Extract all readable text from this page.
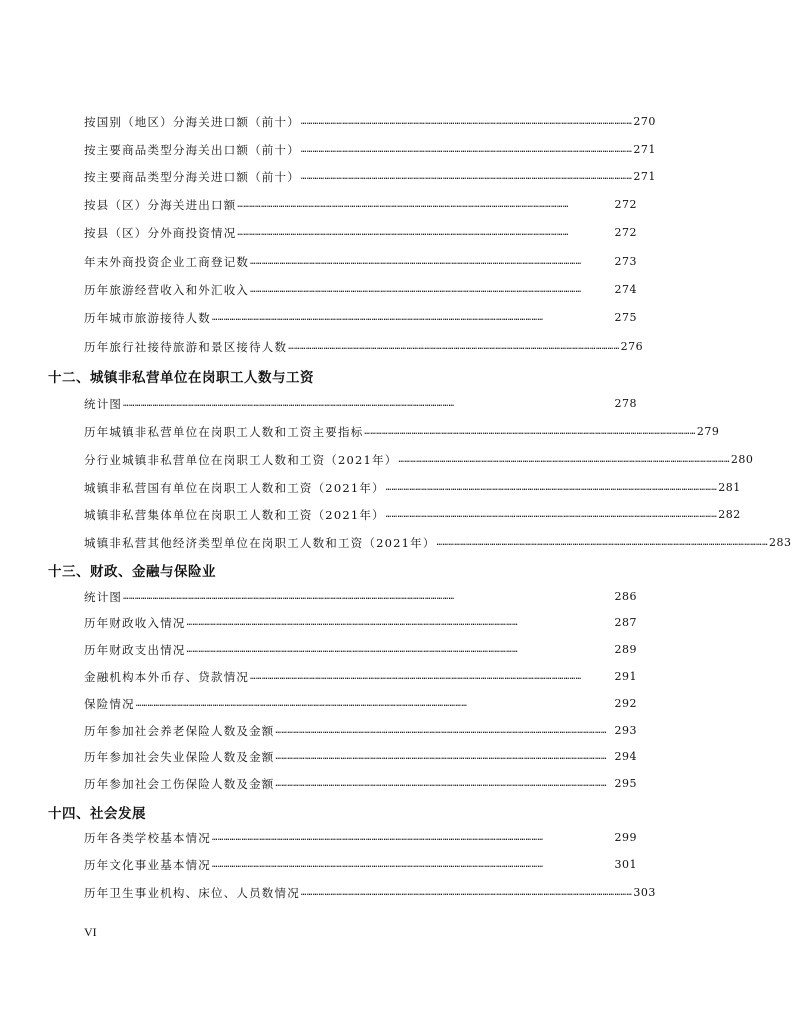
按国别（地区）分海关进口额（前十） …………………………………………………………………………………………………………………………………………………… 270
按主要商品类型分海关出口额（前十） …………………………………………………………………………………………………………………………………………………… 271
按主要商品类型分海关进口额（前十） …………………………………………………………………………………………………………………………………………………… 271
按县（区）分海关进出口额 ……………………………………………………………………………………………………………………………………………………	272
按县（区）分外商投资情况 ……………………………………………………………………………………………………………………………………………………	272
年末外商投资企业工商登记数 ……………………………………………………………………………………………………………………………………………………	273
历年旅游经营收入和外汇收入 ……………………………………………………………………………………………………………………………………………………	274
历年城市旅游接待人数 ……………………………………………………………………………………………………………………………………………………	275
历年旅行社接待旅游和景区接待人数 …………………………………………………………………………………………………………………………………………………… 276
十二、城镇非私营单位在岗职工人数与工资
统计图 ……………………………………………………………………………………………………………………………………………………	278
历年城镇非私营单位在岗职工人数和工资主要指标 …………………………………………………………………………………………………………………………………………………… 279
分行业城镇非私营单位在岗职工人数和工资（2021年） …………………………………………………………………………………………………………………………………………………… 280
城镇非私营国有单位在岗职工人数和工资（2021年） …………………………………………………………………………………………………………………………………………………… 281
城镇非私营集体单位在岗职工人数和工资（2021年） …………………………………………………………………………………………………………………………………………………… 282
城镇非私营其他经济类型单位在岗职工人数和工资（2021年） …………………………………………………………………………………………………………………………………………………… 283
十三、财政、金融与保险业
统计图 ……………………………………………………………………………………………………………………………………………………	286
历年财政收入情况 ……………………………………………………………………………………………………………………………………………………	287
历年财政支出情况 ……………………………………………………………………………………………………………………………………………………	289
金融机构本外币存、贷款情况 ……………………………………………………………………………………………………………………………………………………	291
保险情况 ……………………………………………………………………………………………………………………………………………………	292
历年参加社会养老保险人数及金额 …………………………………………………………………………………………………………………………………………………… 293
历年参加社会失业保险人数及金额 …………………………………………………………………………………………………………………………………………………… 294
历年参加社会工伤保险人数及金额 …………………………………………………………………………………………………………………………………………………… 295
十四、社会发展
历年各类学校基本情况 ……………………………………………………………………………………………………………………………………………………	299
历年文化事业基本情况 ……………………………………………………………………………………………………………………………………………………	301
历年卫生事业机构、床位、人员数情况 …………………………………………………………………………………………………………………………………………………… 303
VI
